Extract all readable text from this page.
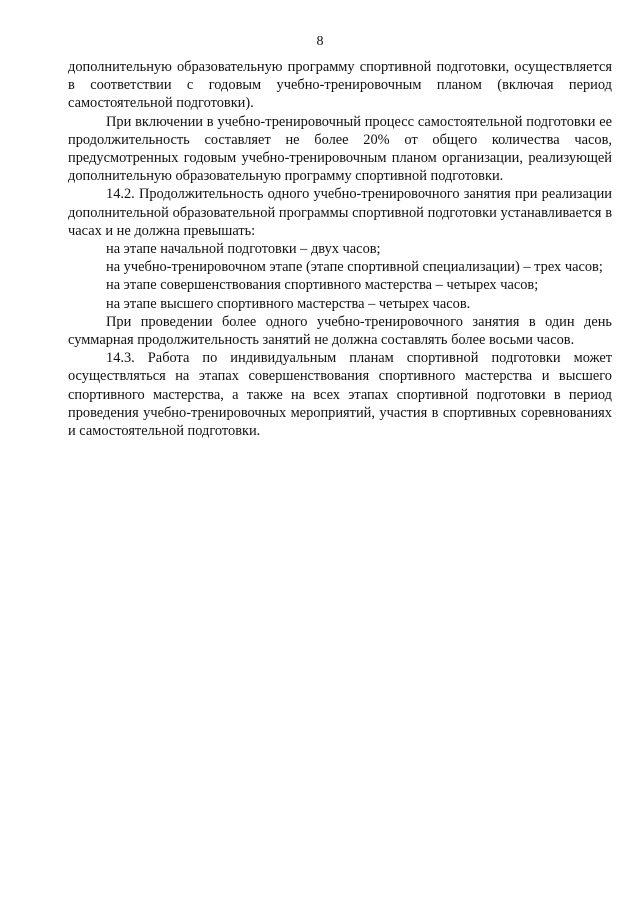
8

дополнительную образовательную программу спортивной подготовки, осуществляется в соответствии с годовым учебно-тренировочным планом (включая период самостоятельной подготовки).

При включении в учебно-тренировочный процесс самостоятельной подготовки ее продолжительность составляет не более 20% от общего количества часов, предусмотренных годовым учебно-тренировочным планом организации, реализующей дополнительную образовательную программу спортивной подготовки.

14.2. Продолжительность одного учебно-тренировочного занятия при реализации дополнительной образовательной программы спортивной подготовки устанавливается в часах и не должна превышать:

на этапе начальной подготовки – двух часов;

на учебно-тренировочном этапе (этапе спортивной специализации) – трех часов;

на этапе совершенствования спортивного мастерства – четырех часов;

на этапе высшего спортивного мастерства – четырех часов.

При проведении более одного учебно-тренировочного занятия в один день суммарная продолжительность занятий не должна составлять более восьми часов.

14.3. Работа по индивидуальным планам спортивной подготовки может осуществляться на этапах совершенствования спортивного мастерства и высшего спортивного мастерства, а также на всех этапах спортивной подготовки в период проведения учебно-тренировочных мероприятий, участия в спортивных соревнованиях и самостоятельной подготовки.
